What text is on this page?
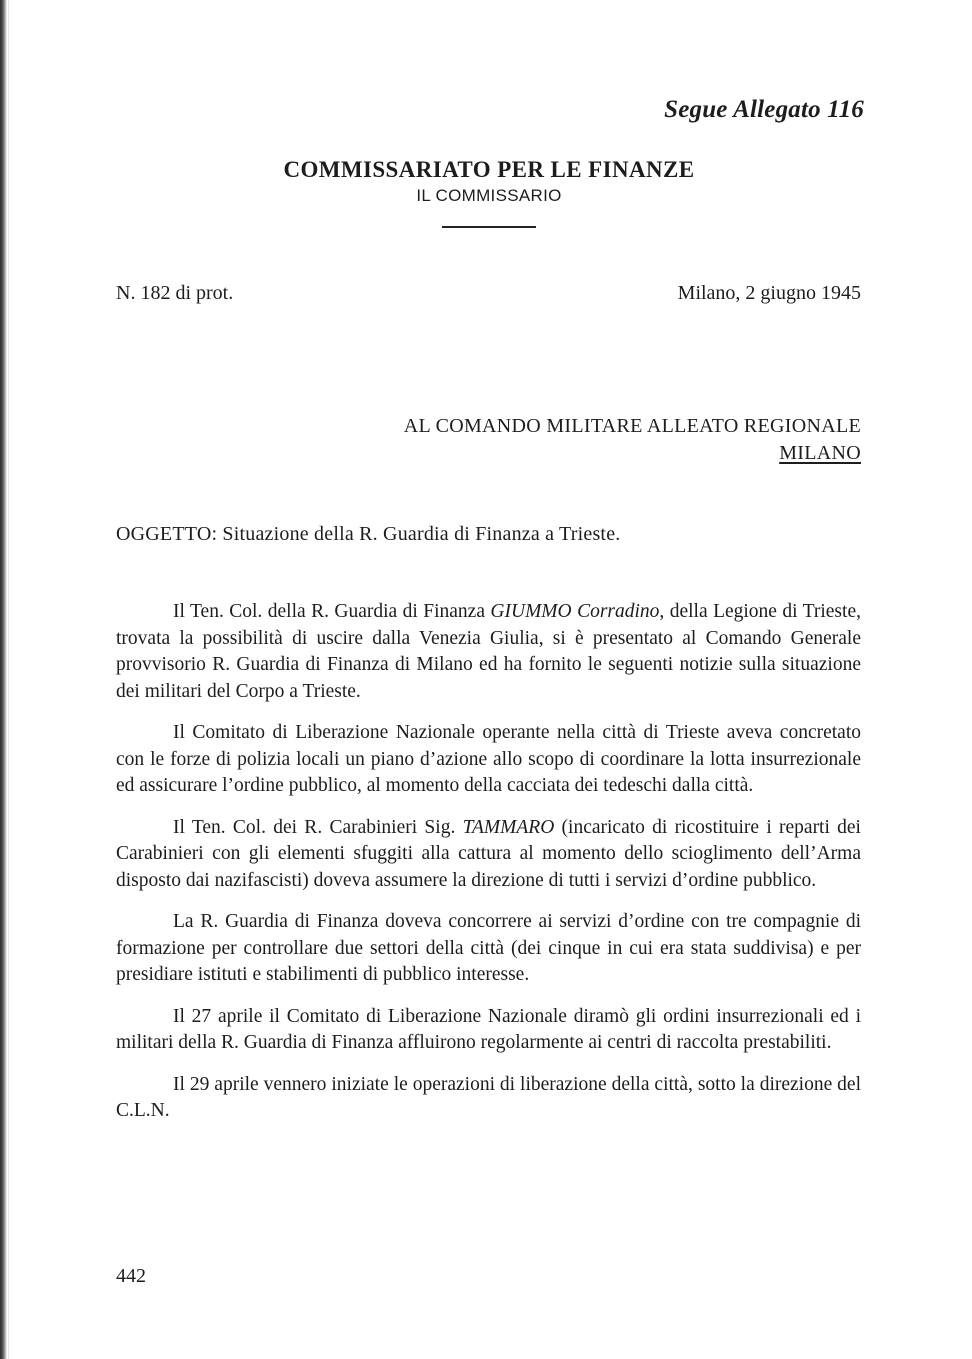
Segue Allegato 116
COMMISSARIATO PER LE FINANZE
IL COMMISSARIO
N. 182 di prot.	Milano, 2 giugno 1945
AL COMANDO MILITARE ALLEATO REGIONALE
MILANO
OGGETTO: Situazione della R. Guardia di Finanza a Trieste.

Il Ten. Col. della R. Guardia di Finanza GIUMMO Corradino, della Legione di Trieste, trovata la possibilità di uscire dalla Venezia Giulia, si è presentato al Comando Generale provvisorio R. Guardia di Finanza di Milano ed ha fornito le seguenti notizie sulla situazione dei militari del Corpo a Trieste.

Il Comitato di Liberazione Nazionale operante nella città di Trieste aveva concretato con le forze di polizia locali un piano d’azione allo scopo di coordinare la lotta insurrezionale ed assicurare l’ordine pubblico, al momento della cacciata dei tedeschi dalla città.

Il Ten. Col. dei R. Carabinieri Sig. TAMMARO (incaricato di ricostituire i reparti dei Carabinieri con gli elementi sfuggiti alla cattura al momento dello scioglimento dell’Arma disposto dai nazifascisti) doveva assumere la direzione di tutti i servizi d’ordine pubblico.

La R. Guardia di Finanza doveva concorrere ai servizi d’ordine con tre compagnie di formazione per controllare due settori della città (dei cinque in cui era stata suddivisa) e per presidiare istituti e stabilimenti di pubblico interesse.

Il 27 aprile il Comitato di Liberazione Nazionale diramò gli ordini insurrezionali ed i militari della R. Guardia di Finanza affluirono regolarmente ai centri di raccolta prestabiliti.

Il 29 aprile vennero iniziate le operazioni di liberazione della città, sotto la direzione del C.L.N.

442
